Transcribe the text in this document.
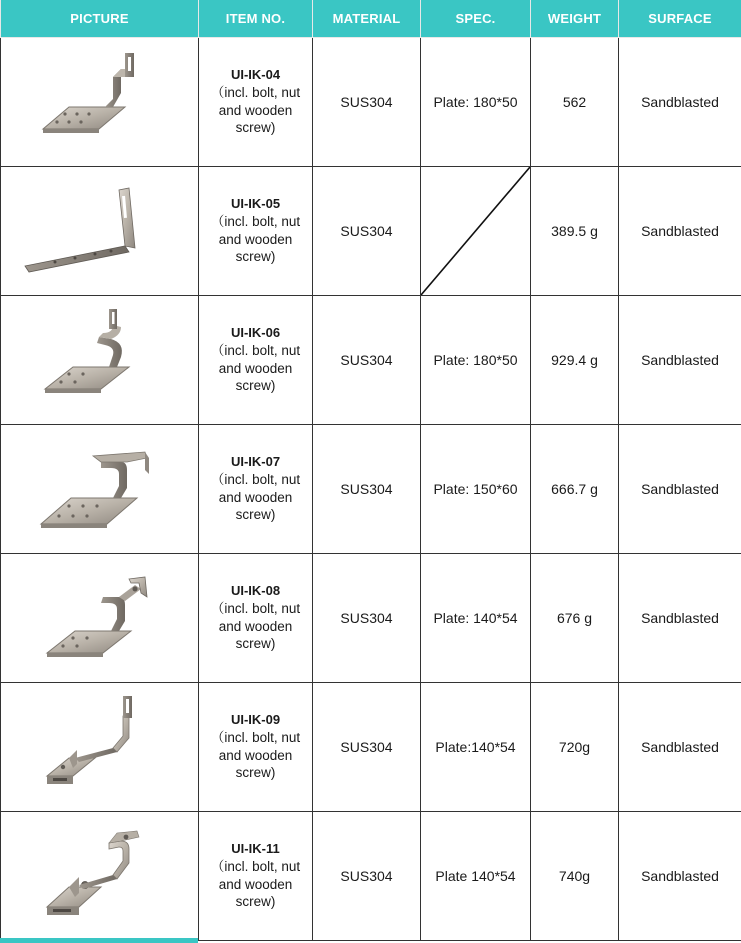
PICTURE	ITEM NO.	MATERIAL	SPEC.	WEIGHT	SURFACE

UI-IK-04
（incl. bolt, nut and wooden screw)	SUS304	Plate: 180*50	562	Sandblasted

UI-IK-05
（incl. bolt, nut and wooden screw)	SUS304		389.5 g	Sandblasted

UI-IK-06
（incl. bolt, nut and wooden screw)	SUS304	Plate: 180*50	929.4 g	Sandblasted

UI-IK-07
（incl. bolt, nut and wooden screw)	SUS304	Plate: 150*60	666.7 g	Sandblasted

UI-IK-08
（incl. bolt, nut and wooden screw)	SUS304	Plate: 140*54	676 g	Sandblasted

UI-IK-09
（incl. bolt, nut and wooden screw)	SUS304	Plate:140*54	720g	Sandblasted

UI-IK-11
（incl. bolt, nut and wooden screw)	SUS304	Plate 140*54	740g	Sandblasted
